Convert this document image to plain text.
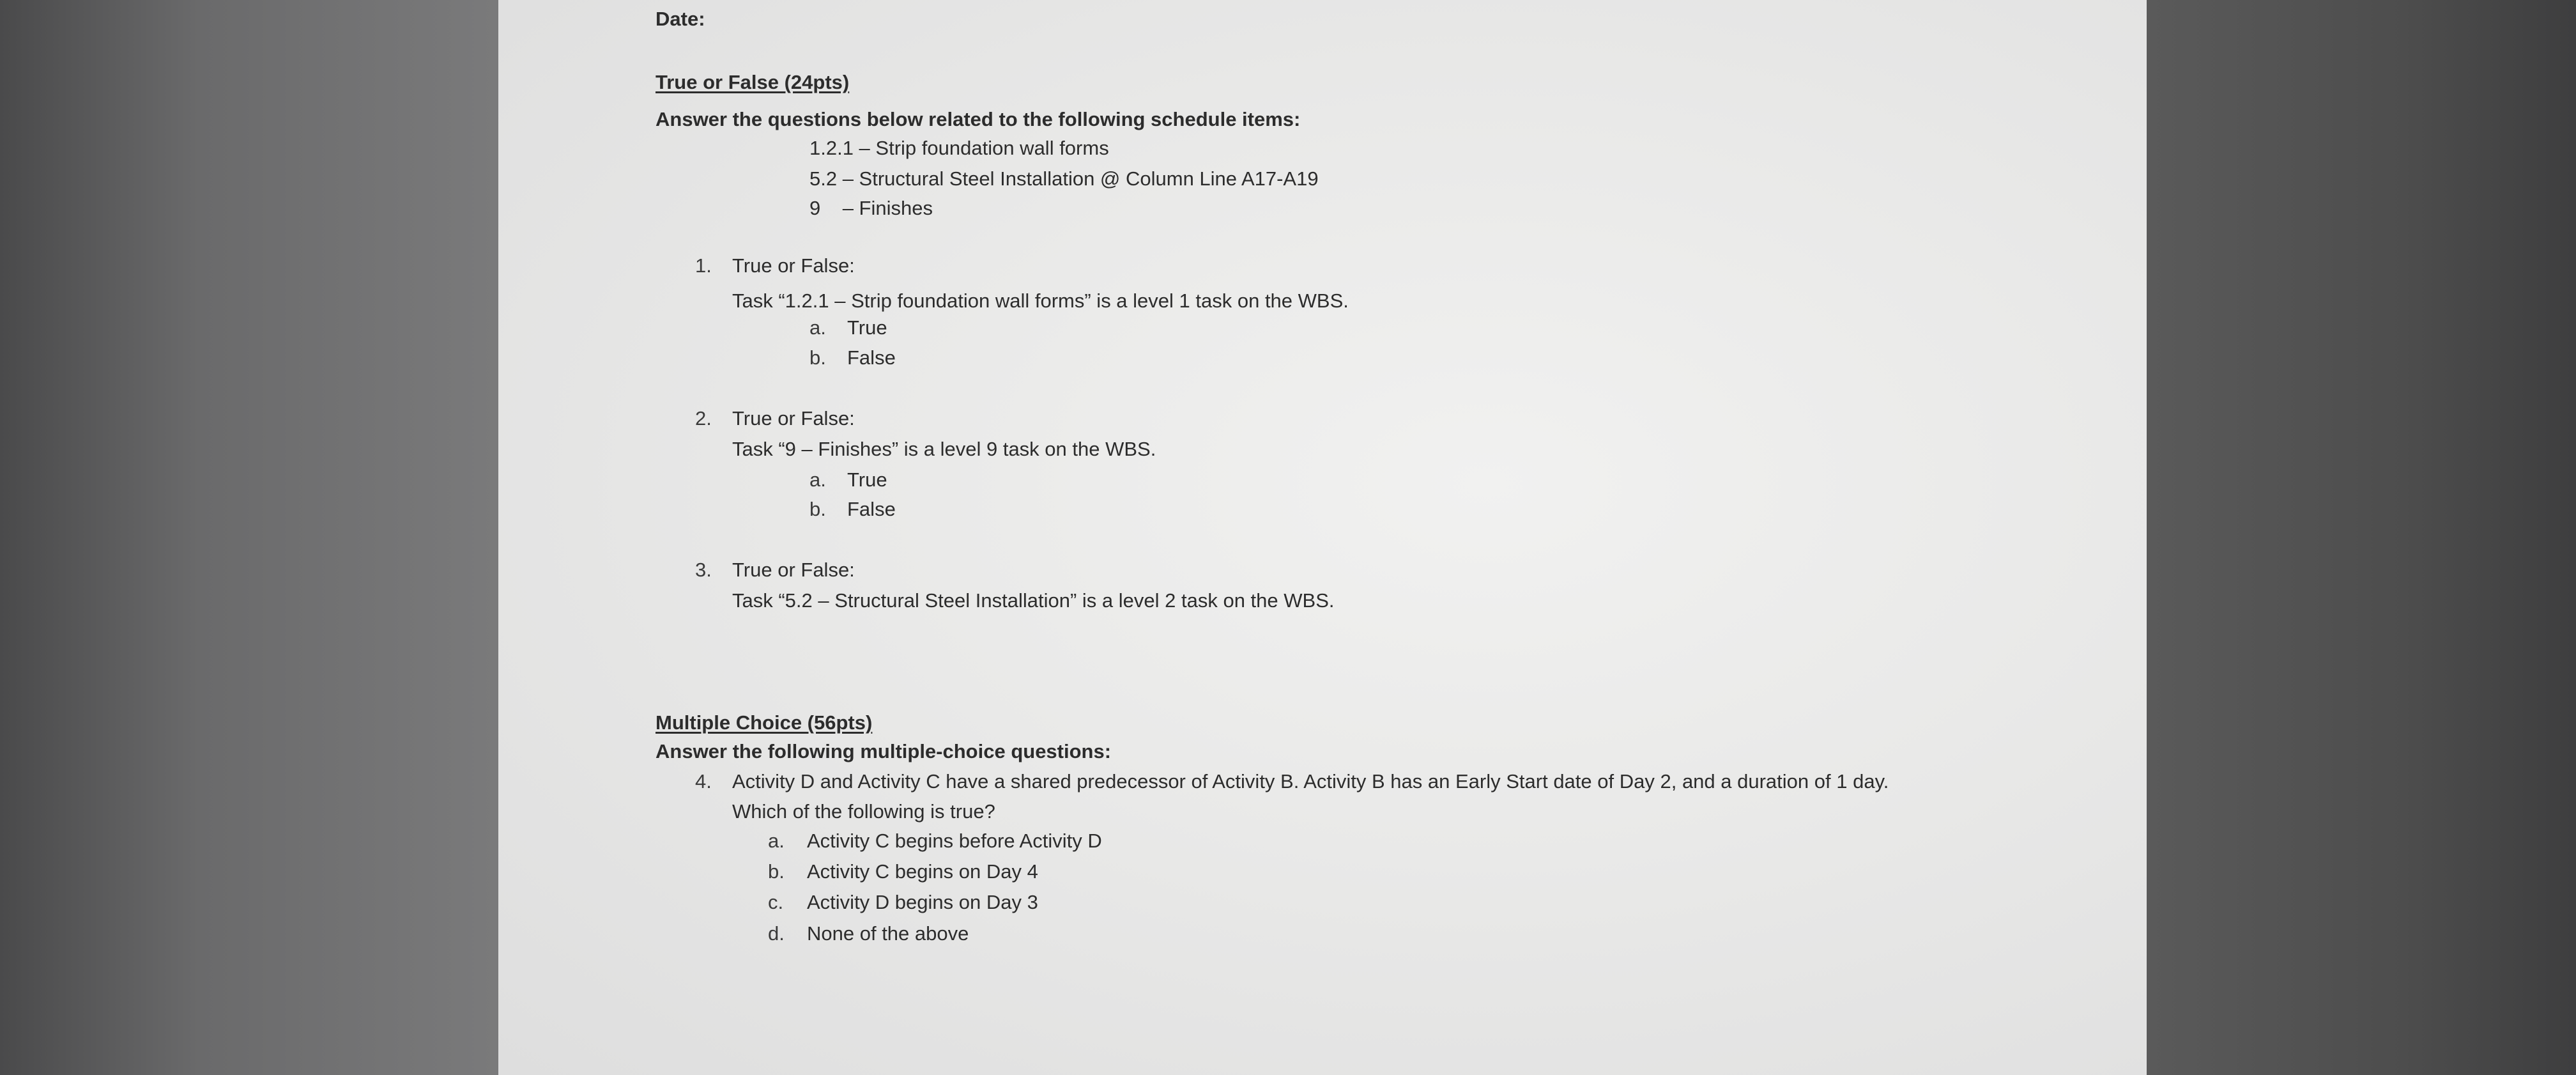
Date:
True or False (24pts)
Answer the questions below related to the following schedule items:
1.2.1 – Strip foundation wall forms
5.2 – Structural Steel Installation @ Column Line A17-A19
9    – Finishes
1. True or False:
Task “1.2.1 – Strip foundation wall forms” is a level 1 task on the WBS.
a. True
b. False
2. True or False:
Task “9 – Finishes” is a level 9 task on the WBS.
a. True
b. False
3. True or False:
Task “5.2 – Structural Steel Installation” is a level 2 task on the WBS.
Multiple Choice (56pts)
Answer the following multiple-choice questions:
4. Activity D and Activity C have a shared predecessor of Activity B. Activity B has an Early Start date of Day 2, and a duration of 1 day.
Which of the following is true?
a. Activity C begins before Activity D
b. Activity C begins on Day 4
c. Activity D begins on Day 3
d. None of the above
